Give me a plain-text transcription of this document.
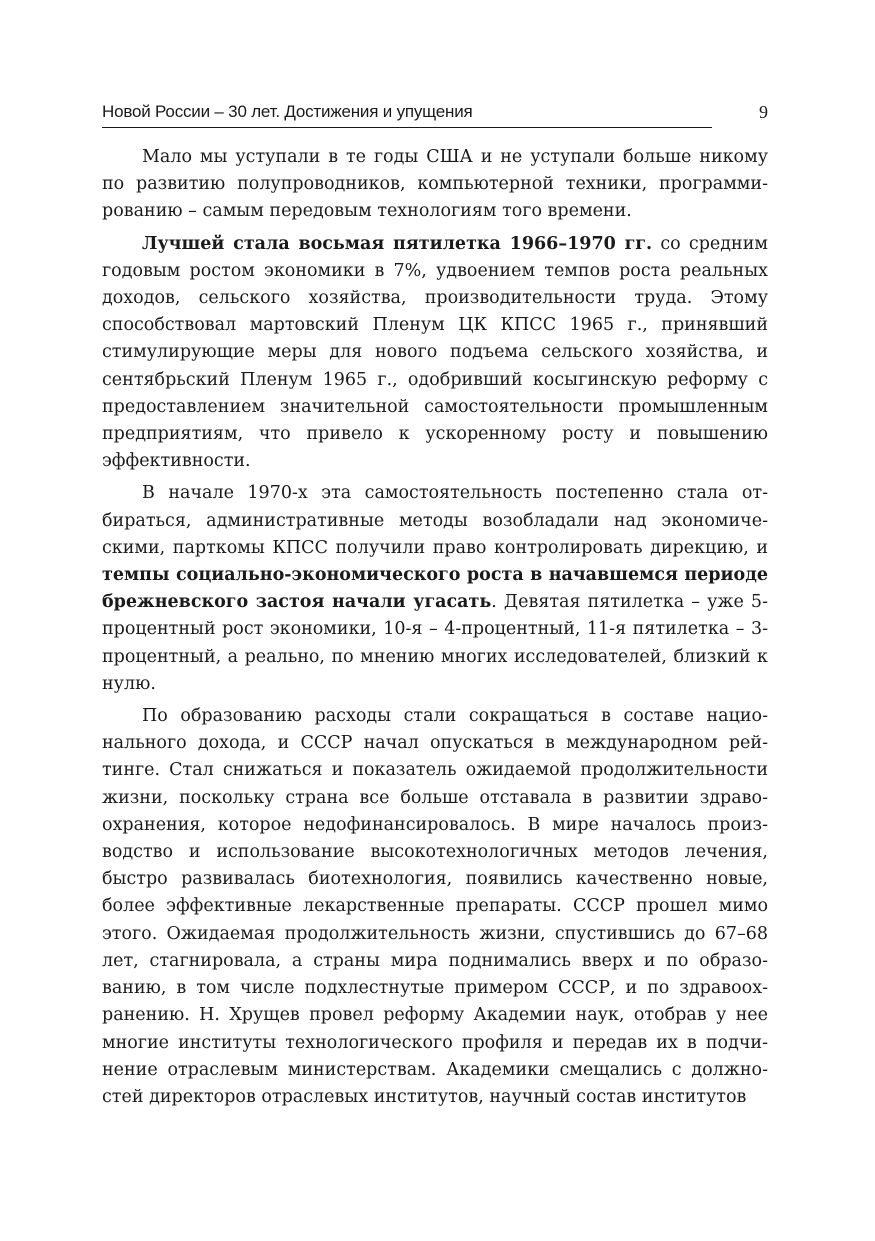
Новой России – 30 лет. Достижения и упущения	9

Мало мы уступали в те годы США и не уступали больше никому по развитию полупроводников, компьютерной техники, программированию – самым передовым технологиям того времени.

Лучшей стала восьмая пятилетка 1966–1970 гг. со средним годовым ростом экономики в 7%, удвоением темпов роста реальных доходов, сельского хозяйства, производительности труда. Этому способствовал мартовский Пленум ЦК КПСС 1965 г., принявший стимулирующие меры для нового подъема сельского хозяйства, и сентябрьский Пленум 1965 г., одобривший косыгинскую реформу с предоставлением значительной самостоятельности промышленным предприятиям, что привело к ускоренному росту и повышению эффективности.

В начале 1970-х эта самостоятельность постепенно стала отбираться, административные методы возобладали над экономическими, парткомы КПСС получили право контролировать дирекцию, и темпы социально-экономического роста в начавшемся периоде брежневского застоя начали угасать. Девятая пятилетка – уже 5-процентный рост экономики, 10-я – 4-процентный, 11-я пятилетка – 3-процентный, а реально, по мнению многих исследователей, близкий к нулю.

По образованию расходы стали сокращаться в составе национального дохода, и СССР начал опускаться в международном рейтинге. Стал снижаться и показатель ожидаемой продолжительности жизни, поскольку страна все больше отставала в развитии здравоохранения, которое недофинансировалось. В мире началось производство и использование высокотехнологичных методов лечения, быстро развивалась биотехнология, появились качественно новые, более эффективные лекарственные препараты. СССР прошел мимо этого. Ожидаемая продолжительность жизни, спустившись до 67–68 лет, стагнировала, а страны мира поднимались вверх и по образованию, в том числе подхлестнутые примером СССР, и по здравоохранению. Н. Хрущев провел реформу Академии наук, отобрав у нее многие институты технологического профиля и передав их в подчинение отраслевым министерствам. Академики смещались с должностей директоров отраслевых институтов, научный состав институтов
